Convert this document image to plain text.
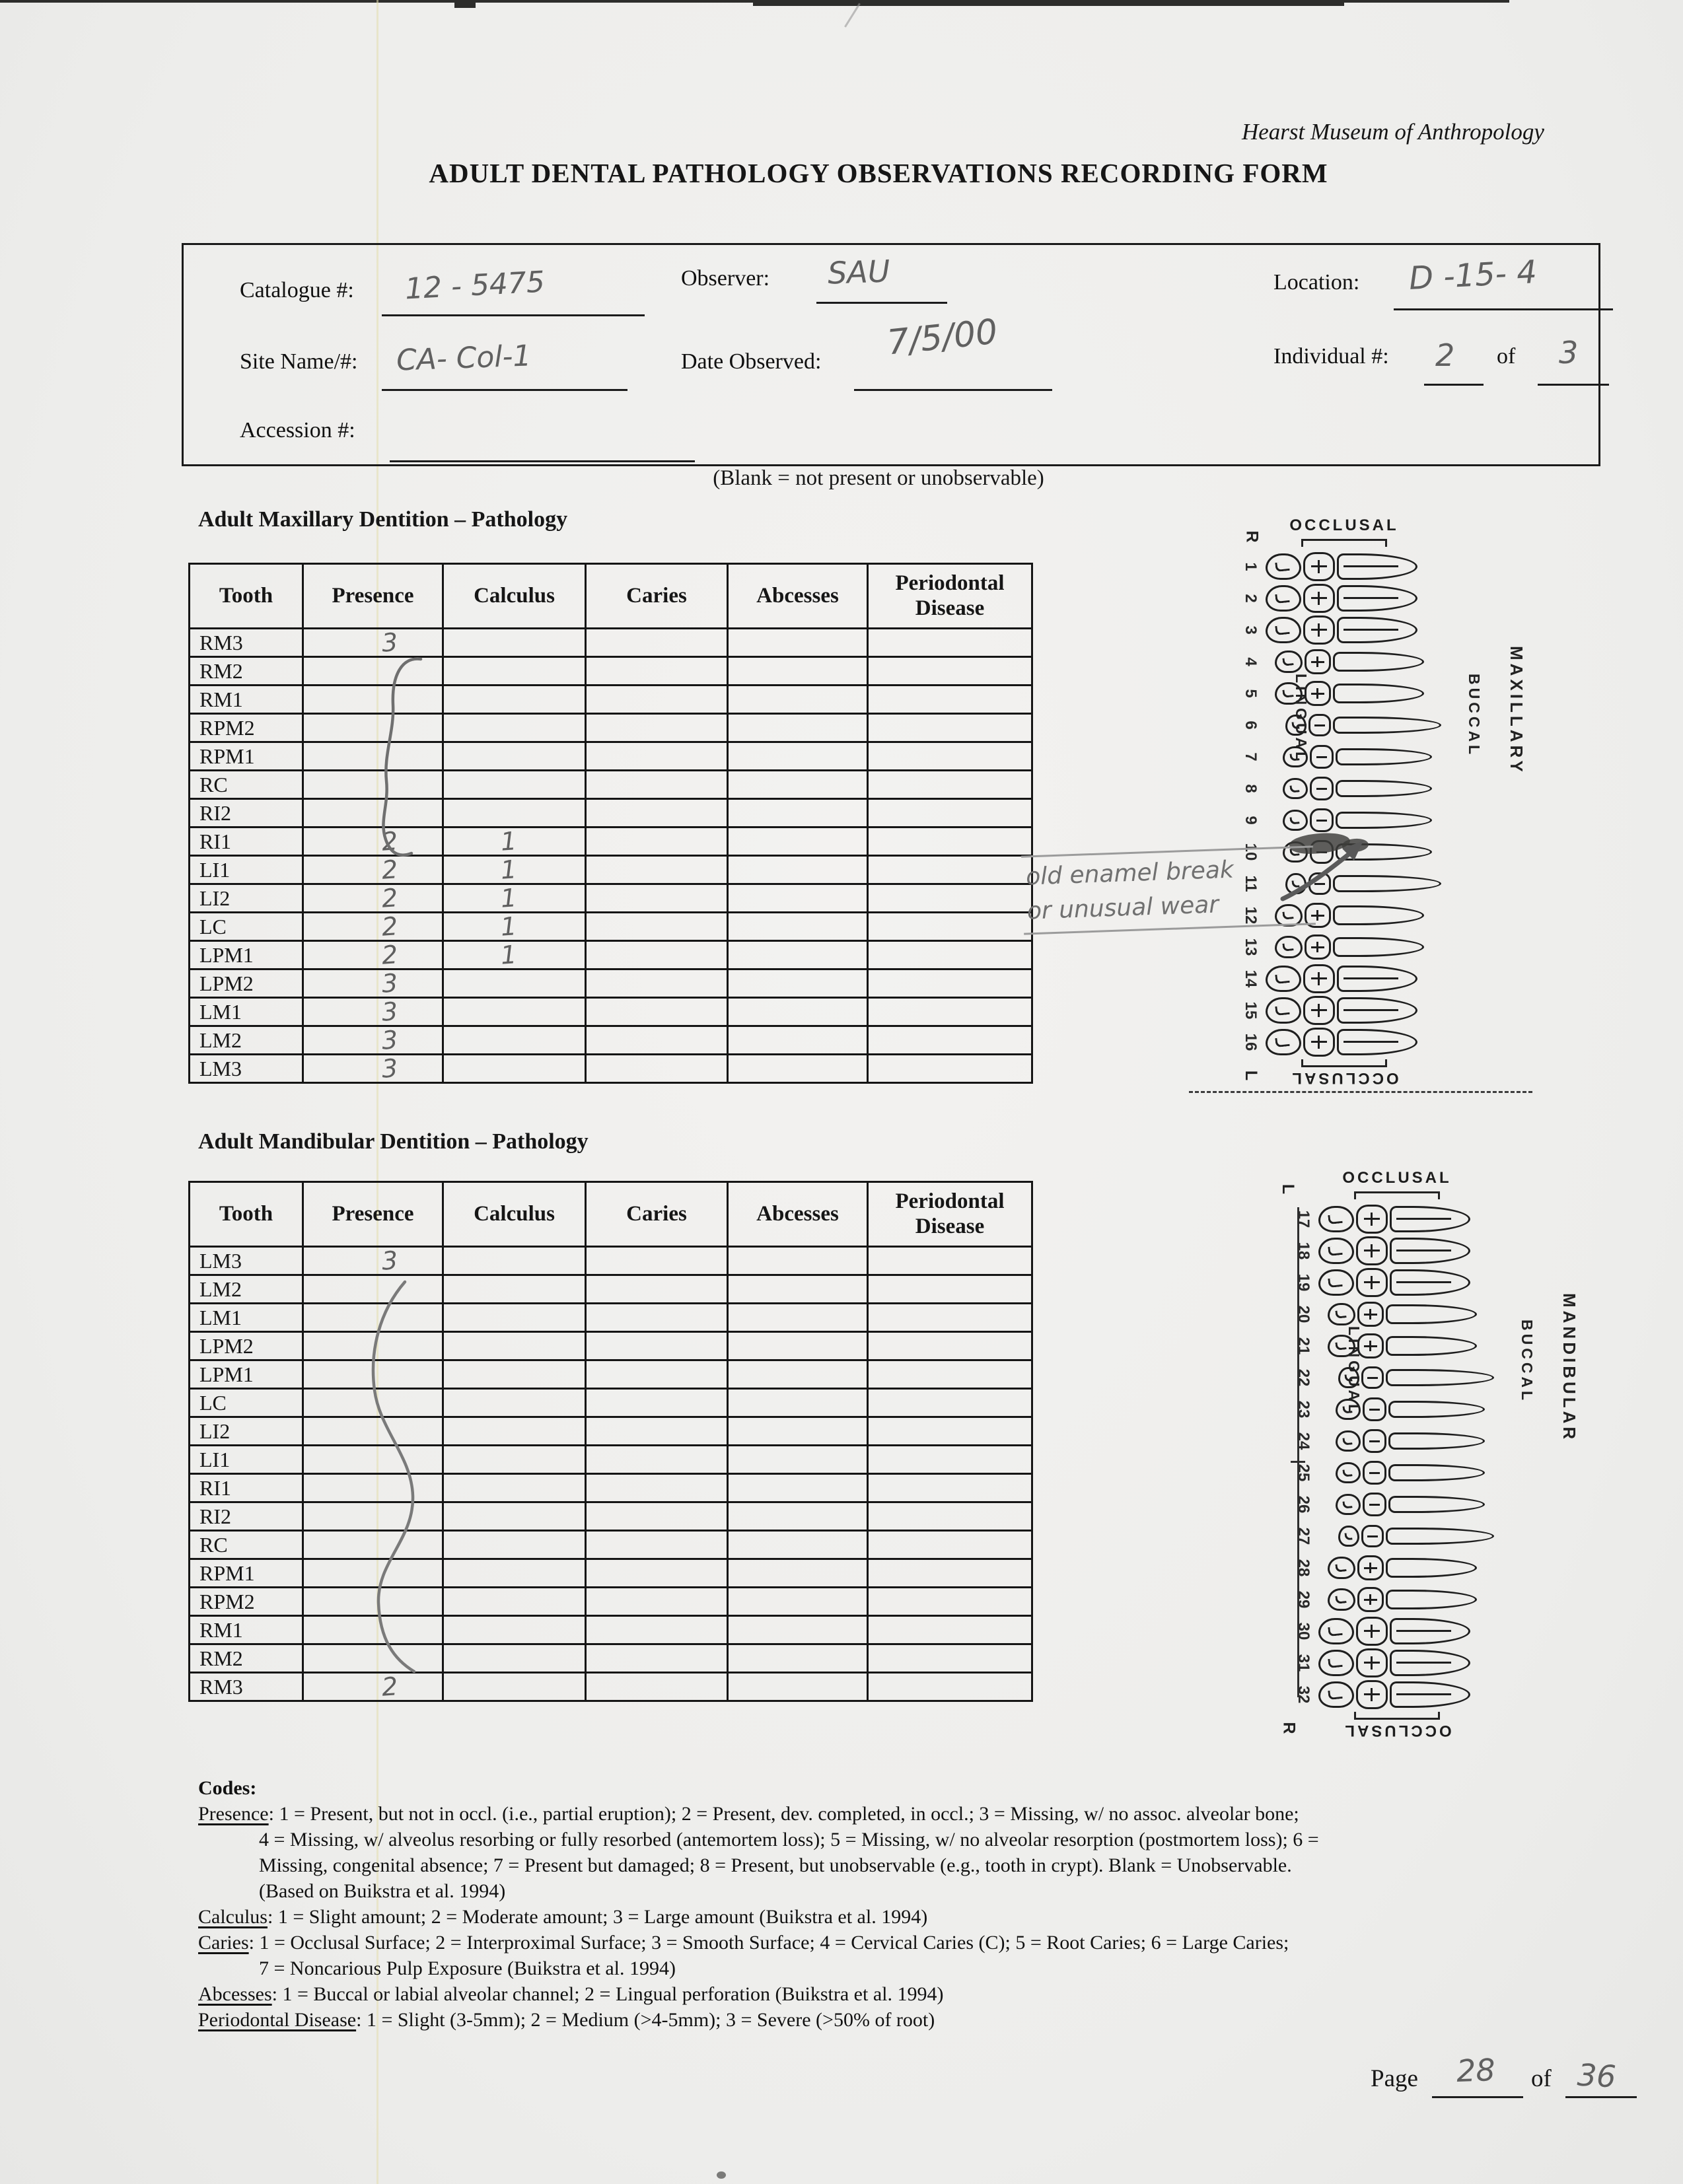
Hearst Museum of Anthropology
ADULT DENTAL PATHOLOGY OBSERVATIONS RECORDING FORM
Catalogue #: 12 - 5475	Observer: SAU	Location: D -15- 4
Site Name/#: CA- Col-1	Date Observed: 7/5/00	Individual #: 2 of 3
Accession #:
(Blank = not present or unobservable)
Adult Maxillary Dentition – Pathology
Tooth	Presence	Calculus	Caries	Abcesses	Periodontal Disease
RM3	3				
RM2					
RM1					
RPM2					
RPM1					
RC					
RI2					
RI1	2	1			
LI1	2	1			
LI2	2	1			
LC	2	1			
LPM1	2	1			
LPM2	3				
LM1	3				
LM2	3				
LM3	3				
Adult Mandibular Dentition – Pathology
Tooth	Presence	Calculus	Caries	Abcesses	Periodontal Disease
LM3	3				
LM2					
LM1					
LPM2					
LPM1					
LC					
LI2					
LI1					
RI1					
RI2					
RC					
RPM1					
RPM2					
RM1					
RM2					
RM3	2				
OCCLUSAL
R
1
2
3
4
5
6
7
8
9
10
11
12
13
14
15
16
LINGUAL	BUCCAL MAXILLARY
OCCLUSAL
L
old enamel break
or unusual wear
OCCLUSAL
L
17
18
19
20
21
22
23
24
25
26
27
28
29
30
31
32
LINGUAL	BUCCAL MANDIBULAR
OCCLUSAL
R
Codes:
Presence: 1 = Present, but not in occl. (i.e., partial eruption); 2 = Present, dev. completed, in occl.; 3 = Missing, w/ no assoc. alveolar bone;
4 = Missing, w/ alveolus resorbing or fully resorbed (antemortem loss); 5 = Missing, w/ no alveolar resorption (postmortem loss); 6 =
Missing, congenital absence; 7 = Present but damaged; 8 = Present, but unobservable (e.g., tooth in crypt). Blank = Unobservable.
(Based on Buikstra et al. 1994)
Calculus: 1 = Slight amount; 2 = Moderate amount; 3 = Large amount (Buikstra et al. 1994)
Caries: 1 = Occlusal Surface; 2 = Interproximal Surface; 3 = Smooth Surface; 4 = Cervical Caries (C); 5 = Root Caries; 6 = Large Caries;
7 = Noncarious Pulp Exposure (Buikstra et al. 1994)
Abcesses: 1 = Buccal or labial alveolar channel; 2 = Lingual perforation (Buikstra et al. 1994)
Periodontal Disease: 1 = Slight (3-5mm); 2 = Medium (>4-5mm); 3 = Severe (>50% of root)
Page 28 of 36
